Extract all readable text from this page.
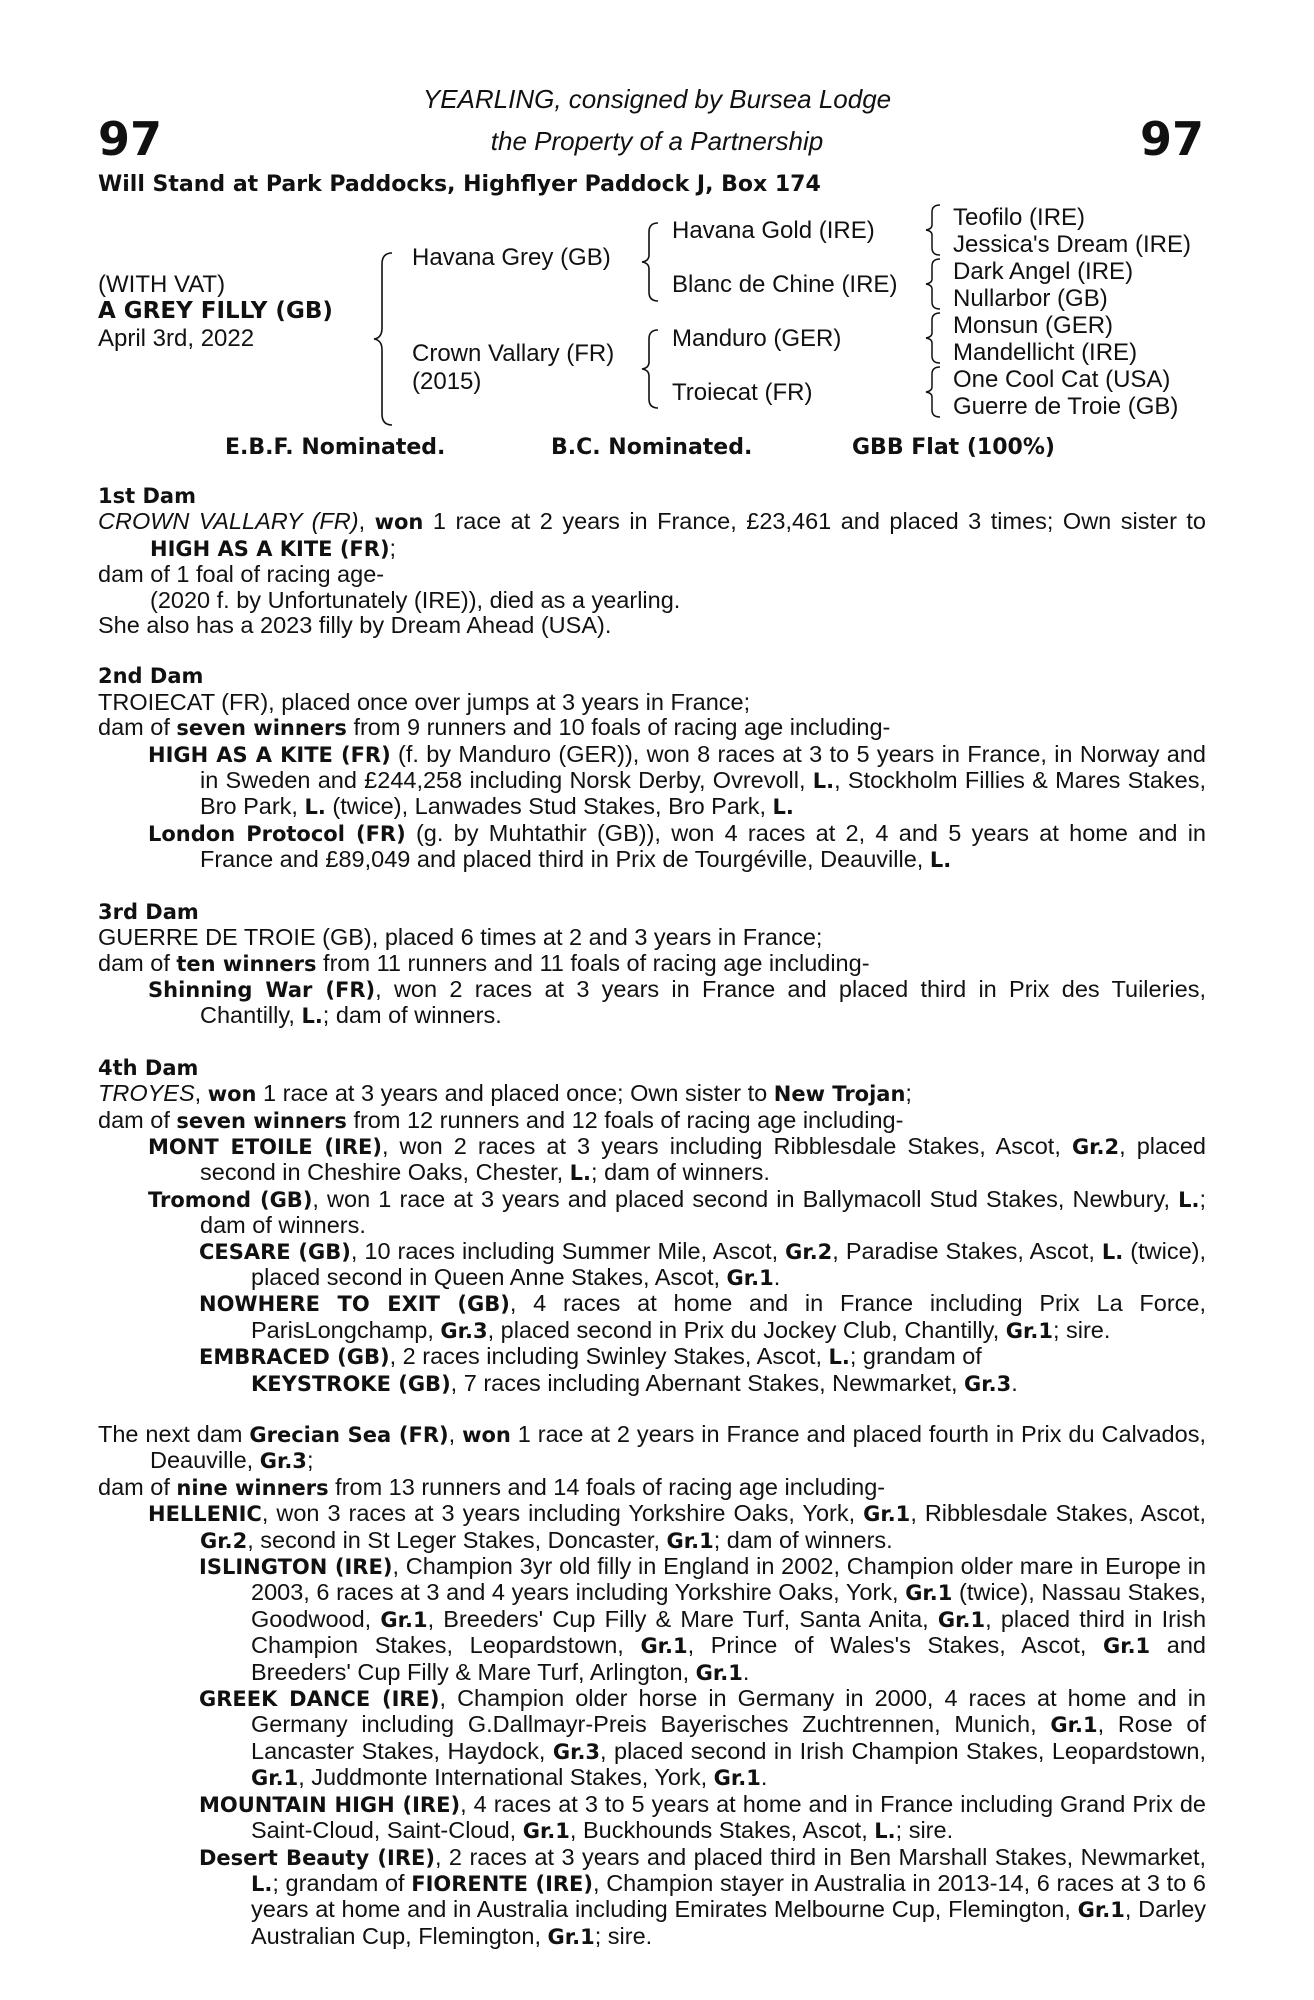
97	97
YEARLING, consigned by Bursea Lodge
the Property of a Partnership
Will Stand at Park Paddocks, Highflyer Paddock J, Box 174
(WITH VAT)
A GREY FILLY (GB)
April 3rd, 2022
Havana Grey (GB)
Crown Vallary (FR)
(2015)
Havana Gold (IRE)
Blanc de Chine (IRE)
Manduro (GER)
Troiecat (FR)
Teofilo (IRE)
Jessica's Dream (IRE)
Dark Angel (IRE)
Nullarbor (GB)
Monsun (GER)
Mandellicht (IRE)
One Cool Cat (USA)
Guerre de Troie (GB)
E.B.F. Nominated.	B.C. Nominated.	GBB Flat (100%)

1st Dam

CROWN VALLARY (FR), won 1 race at 2 years in France, £23,461 and placed 3 times; Own sister to HIGH AS A KITE (FR);

dam of 1 foal of racing age-

(2020 f. by Unfortunately (IRE)), died as a yearling.

She also has a 2023 filly by Dream Ahead (USA).

2nd Dam

TROIECAT (FR), placed once over jumps at 3 years in France;

dam of seven winners from 9 runners and 10 foals of racing age including-

HIGH AS A KITE (FR) (f. by Manduro (GER)), won 8 races at 3 to 5 years in France, in Norway and in Sweden and £244,258 including Norsk Derby, Ovrevoll, L., Stockholm Fillies & Mares Stakes, Bro Park, L. (twice), Lanwades Stud Stakes, Bro Park, L.

London Protocol (FR) (g. by Muhtathir (GB)), won 4 races at 2, 4 and 5 years at home and in France and £89,049 and placed third in Prix de Tourgéville, Deauville, L.

3rd Dam

GUERRE DE TROIE (GB), placed 6 times at 2 and 3 years in France;

dam of ten winners from 11 runners and 11 foals of racing age including-

Shinning War (FR), won 2 races at 3 years in France and placed third in Prix des Tuileries, Chantilly, L.; dam of winners.

4th Dam

TROYES, won 1 race at 3 years and placed once; Own sister to New Trojan;

dam of seven winners from 12 runners and 12 foals of racing age including-

MONT ETOILE (IRE), won 2 races at 3 years including Ribblesdale Stakes, Ascot, Gr.2, placed second in Cheshire Oaks, Chester, L.; dam of winners.

Tromond (GB), won 1 race at 3 years and placed second in Ballymacoll Stud Stakes, Newbury, L.; dam of winners.

CESARE (GB), 10 races including Summer Mile, Ascot, Gr.2, Paradise Stakes, Ascot, L. (twice), placed second in Queen Anne Stakes, Ascot, Gr.1.

NOWHERE TO EXIT (GB), 4 races at home and in France including Prix La Force, ParisLongchamp, Gr.3, placed second in Prix du Jockey Club, Chantilly, Gr.1; sire.

EMBRACED (GB), 2 races including Swinley Stakes, Ascot, L.; grandam of
KEYSTROKE (GB), 7 races including Abernant Stakes, Newmarket, Gr.3.

The next dam Grecian Sea (FR), won 1 race at 2 years in France and placed fourth in Prix du Calvados, Deauville, Gr.3;

dam of nine winners from 13 runners and 14 foals of racing age including-

HELLENIC, won 3 races at 3 years including Yorkshire Oaks, York, Gr.1, Ribblesdale Stakes, Ascot, Gr.2, second in St Leger Stakes, Doncaster, Gr.1; dam of winners.

ISLINGTON (IRE), Champion 3yr old filly in England in 2002, Champion older mare in Europe in 2003, 6 races at 3 and 4 years including Yorkshire Oaks, York, Gr.1 (twice), Nassau Stakes, Goodwood, Gr.1, Breeders' Cup Filly & Mare Turf, Santa Anita, Gr.1, placed third in Irish Champion Stakes, Leopardstown, Gr.1, Prince of Wales's Stakes, Ascot, Gr.1 and Breeders' Cup Filly & Mare Turf, Arlington, Gr.1.

GREEK DANCE (IRE), Champion older horse in Germany in 2000, 4 races at home and in Germany including G.Dallmayr-Preis Bayerisches Zuchtrennen, Munich, Gr.1, Rose of Lancaster Stakes, Haydock, Gr.3, placed second in Irish Champion Stakes, Leopardstown, Gr.1, Juddmonte International Stakes, York, Gr.1.

MOUNTAIN HIGH (IRE), 4 races at 3 to 5 years at home and in France including Grand Prix de Saint-Cloud, Saint-Cloud, Gr.1, Buckhounds Stakes, Ascot, L.; sire.

Desert Beauty (IRE), 2 races at 3 years and placed third in Ben Marshall Stakes, Newmarket, L.; grandam of FIORENTE (IRE), Champion stayer in Australia in 2013-14, 6 races at 3 to 6 years at home and in Australia including Emirates Melbourne Cup, Flemington, Gr.1, Darley Australian Cup, Flemington, Gr.1; sire.
